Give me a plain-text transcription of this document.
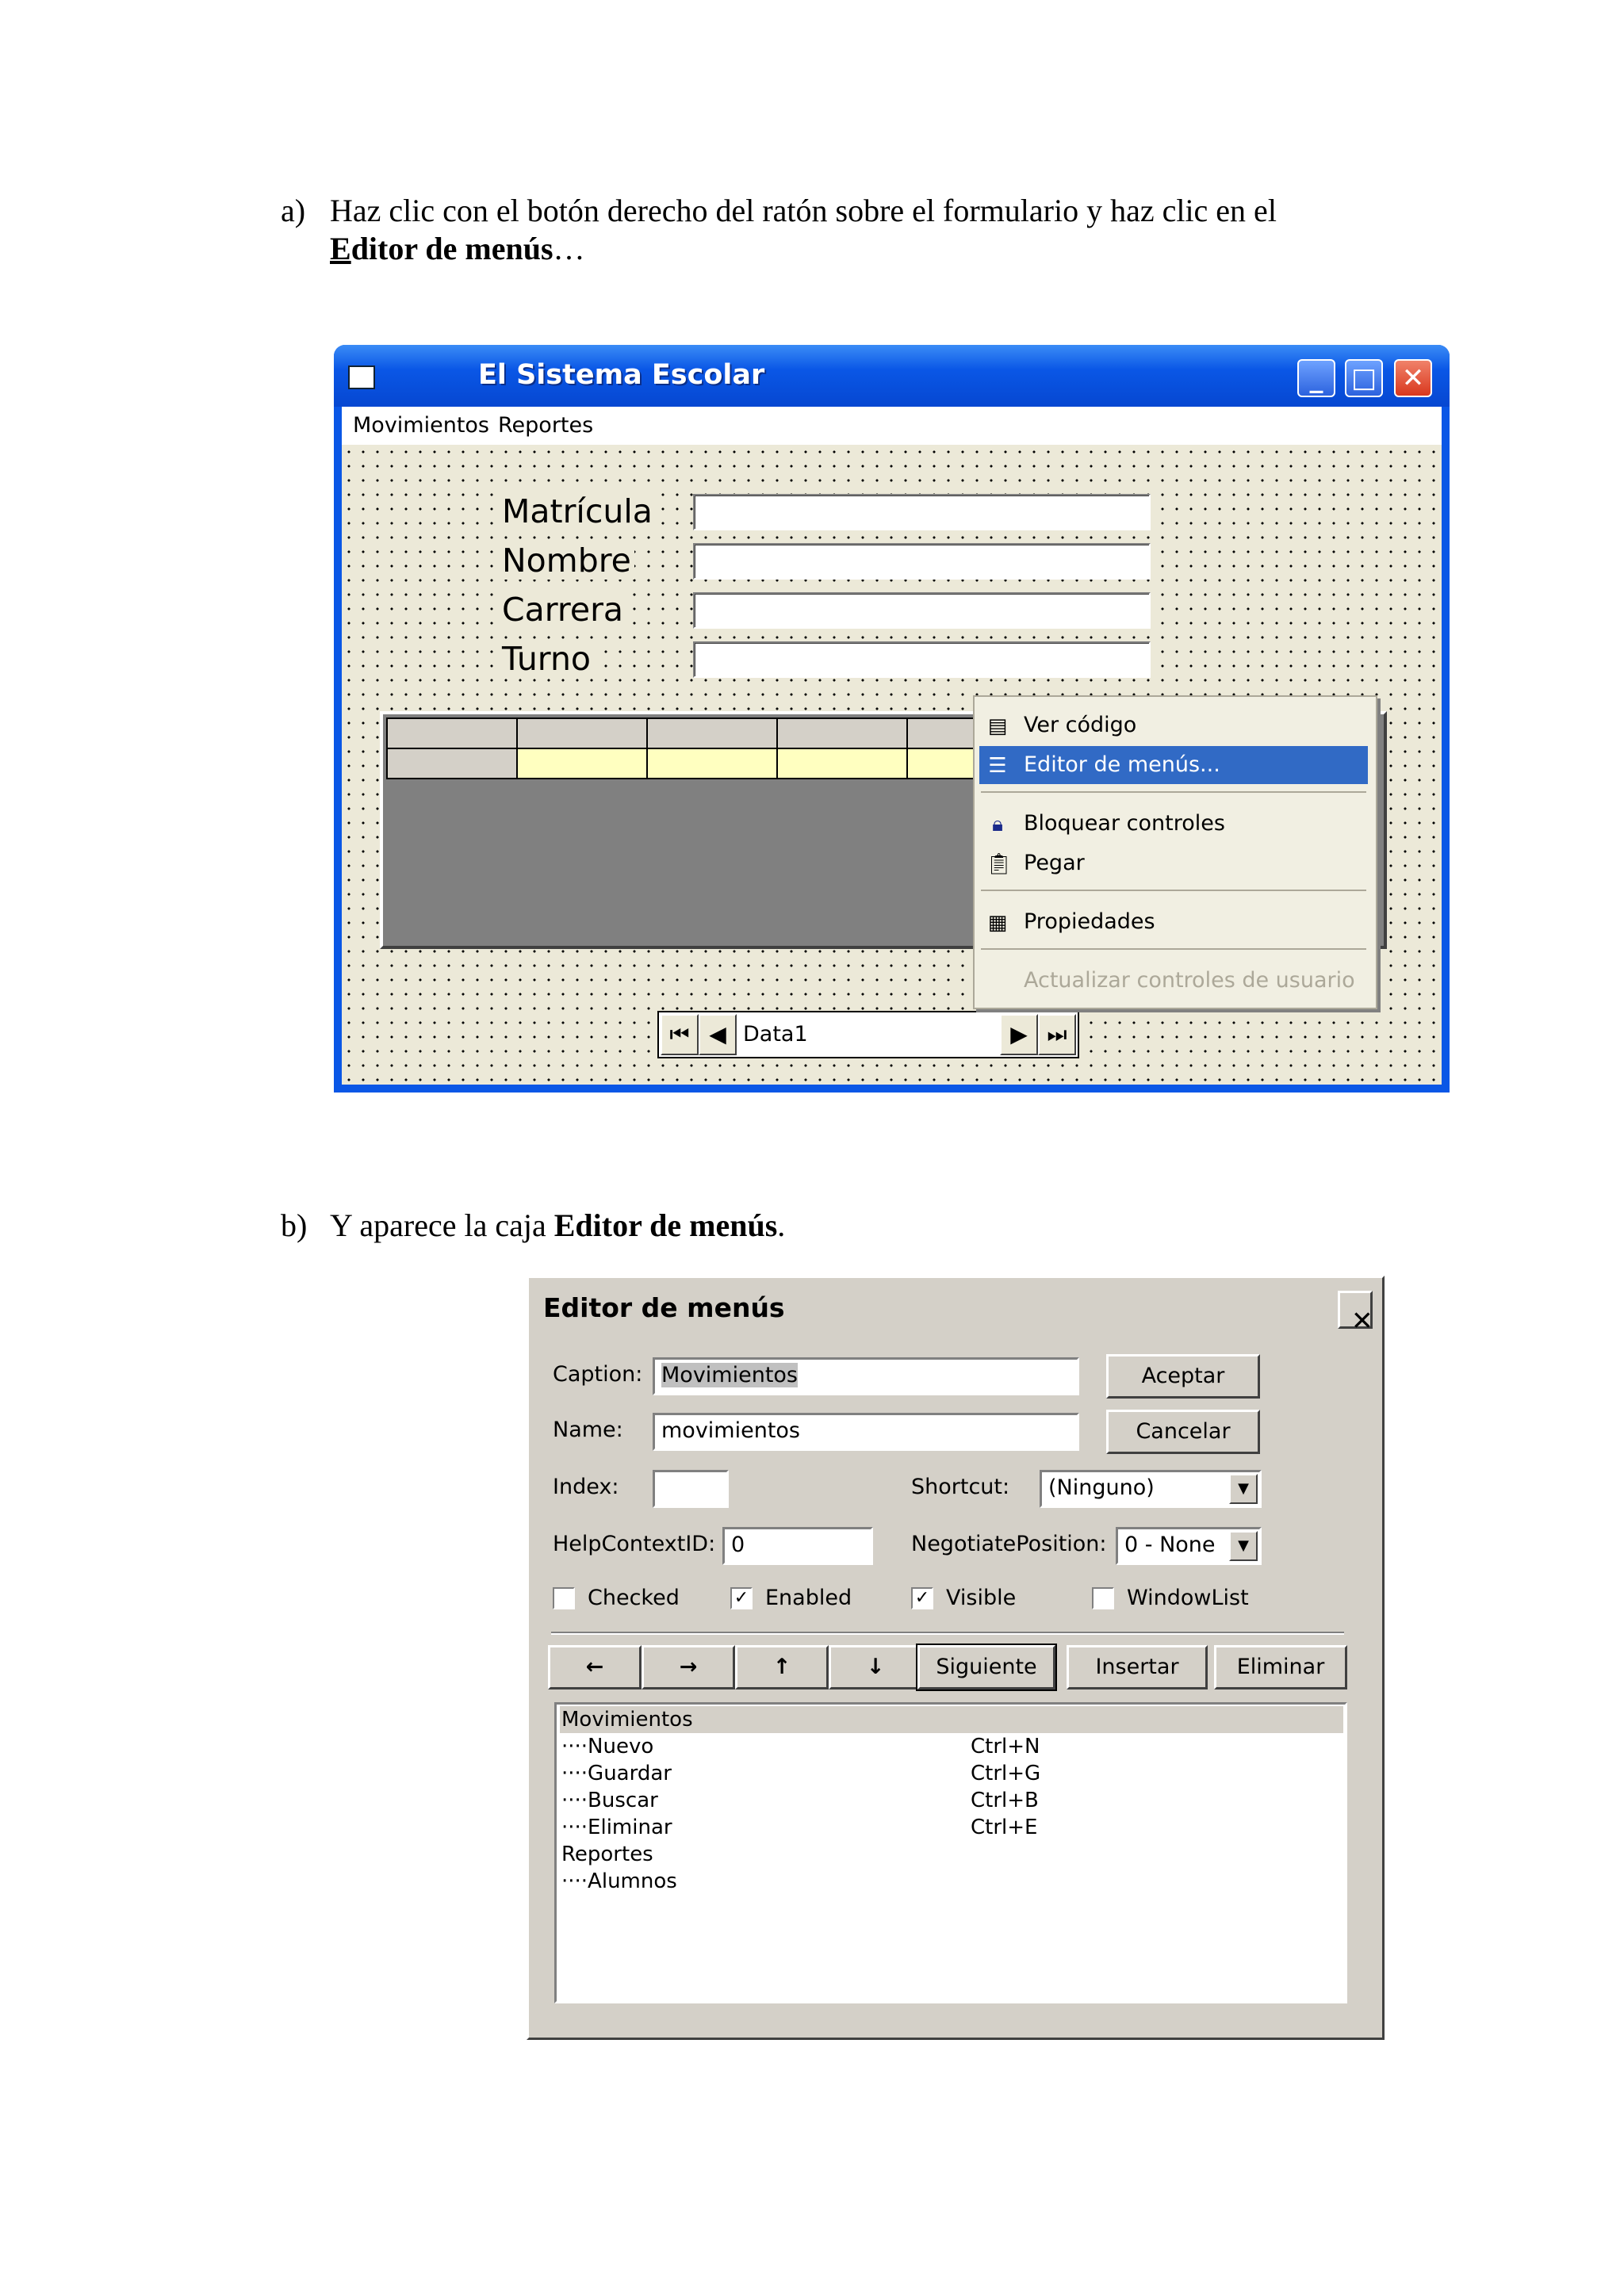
a) Haz clic con el botón derecho del ratón sobre el formulario y haz clic en el
Editor de menús…
El Sistema Escolar	_	□ ✕
Movimientos Reportes
Matrícula
Nombre
Carrera
Turno
⏮ ◀ Data1	▶ ⏭
▤ Ver código
☰ Editor de menús...
🔒︎ Bloquear controles
📋︎ Pegar
▦ Propiedades
Actualizar controles de usuario
b) Y aparece la caja Editor de menús.
Editor de menús	✕
Caption: Movimientos	Aceptar
Name:	movimientos	Cancelar
Index:	Shortcut:	(Ninguno)	▼
HelpContextID: 0	NegotiatePosition: 0 - None	▼
Checked	✓ Enabled	✓ Visible	WindowList
←	→	↑	↓	Siguiente	Insertar	Eliminar
Movimientos
····Nuevo	Ctrl+N
····Guardar	Ctrl+G
····Buscar	Ctrl+B
····Eliminar	Ctrl+E
Reportes
····Alumnos
